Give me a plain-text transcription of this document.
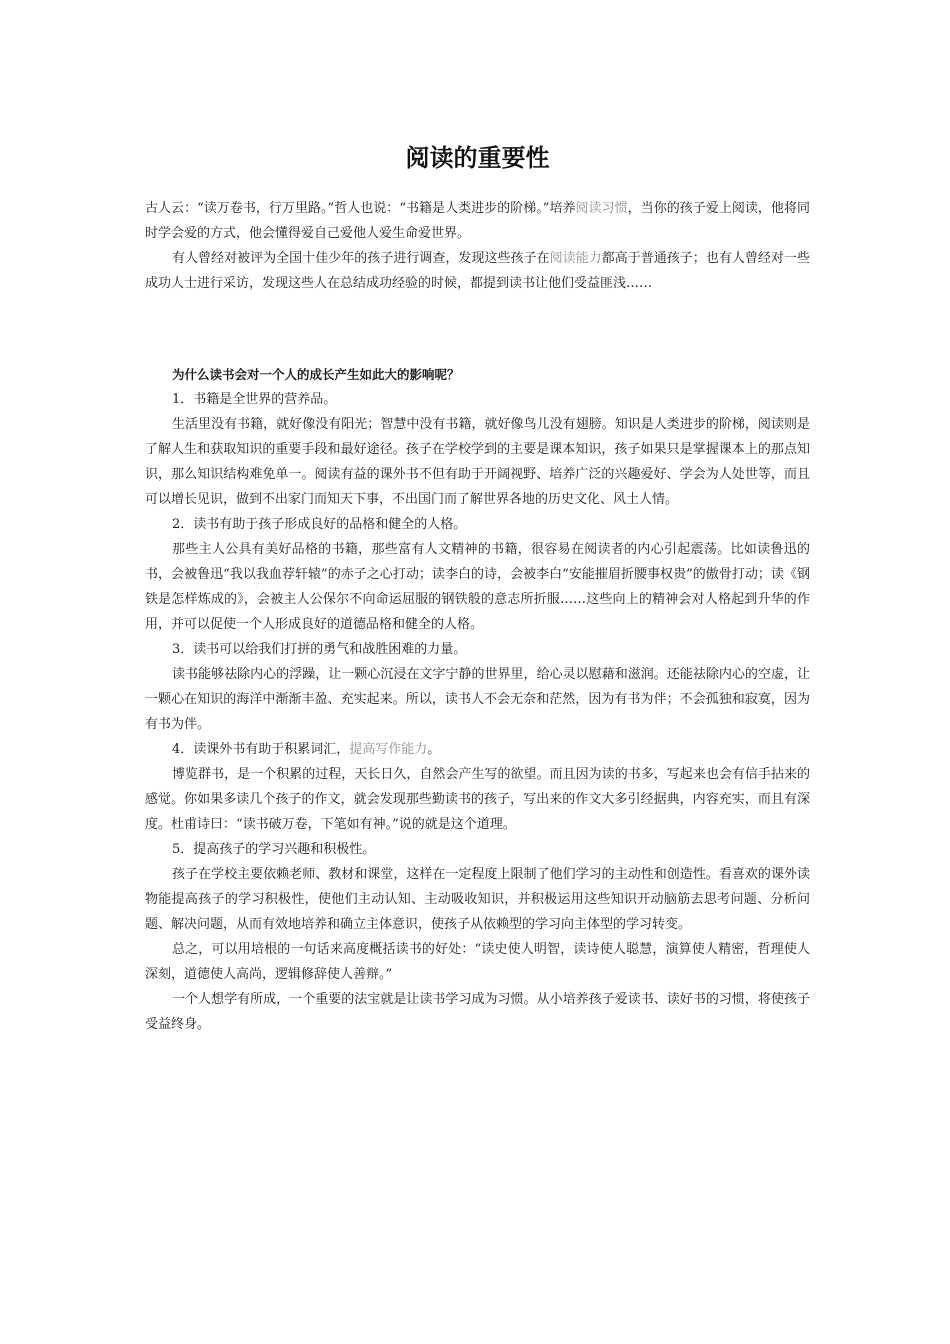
阅读的重要性

古人云：“读万卷书，行万里路。”哲人也说：“书籍是人类进步的阶梯。”培养阅读习惯，当你的孩子爱上阅读，他将同时学会爱的方式，他会懂得爱自己爱他人爱生命爱世界。

有人曾经对被评为全国十佳少年的孩子进行调查，发现这些孩子在阅读能力都高于普通孩子；也有人曾经对一些成功人士进行采访，发现这些人在总结成功经验的时候，都提到读书让他们受益匪浅……

为什么读书会对一个人的成长产生如此大的影响呢？

1．书籍是全世界的营养品。

生活里没有书籍，就好像没有阳光；智慧中没有书籍，就好像鸟儿没有翅膀。知识是人类进步的阶梯，阅读则是了解人生和获取知识的重要手段和最好途径。孩子在学校学到的主要是课本知识，孩子如果只是掌握课本上的那点知识，那么知识结构难免单一。阅读有益的课外书不但有助于开阔视野、培养广泛的兴趣爱好、学会为人处世等，而且可以增长见识，做到不出家门而知天下事，不出国门而了解世界各地的历史文化、风土人情。

2．读书有助于孩子形成良好的品格和健全的人格。

那些主人公具有美好品格的书籍，那些富有人文精神的书籍，很容易在阅读者的内心引起震荡。比如读鲁迅的书，会被鲁迅“我以我血荐轩辕”的赤子之心打动；读李白的诗，会被李白“安能摧眉折腰事权贵”的傲骨打动；读《钢铁是怎样炼成的》，会被主人公保尔不向命运屈服的钢铁般的意志所折服……这些向上的精神会对人格起到升华的作用，并可以促使一个人形成良好的道德品格和健全的人格。

3．读书可以给我们打拼的勇气和战胜困难的力量。

读书能够祛除内心的浮躁，让一颗心沉浸在文字宁静的世界里，给心灵以慰藉和滋润。还能祛除内心的空虚，让一颗心在知识的海洋中渐渐丰盈、充实起来。所以，读书人不会无奈和茫然，因为有书为伴；不会孤独和寂寞，因为有书为伴。

4．读课外书有助于积累词汇，提高写作能力。

博览群书，是一个积累的过程，天长日久，自然会产生写的欲望。而且因为读的书多，写起来也会有信手拈来的感觉。你如果多读几个孩子的作文，就会发现那些勤读书的孩子，写出来的作文大多引经据典，内容充实，而且有深度。杜甫诗曰：“读书破万卷，下笔如有神。”说的就是这个道理。

5．提高孩子的学习兴趣和积极性。

孩子在学校主要依赖老师、教材和课堂，这样在一定程度上限制了他们学习的主动性和创造性。看喜欢的课外读物能提高孩子的学习积极性，使他们主动认知、主动吸收知识，并积极运用这些知识开动脑筋去思考问题、分析问题、解决问题，从而有效地培养和确立主体意识，使孩子从依赖型的学习向主体型的学习转变。

总之，可以用培根的一句话来高度概括读书的好处：“读史使人明智，读诗使人聪慧，演算使人精密，哲理使人深刻，道德使人高尚，逻辑修辞使人善辩。”

一个人想学有所成，一个重要的法宝就是让读书学习成为习惯。从小培养孩子爱读书、读好书的习惯，将使孩子受益终身。
